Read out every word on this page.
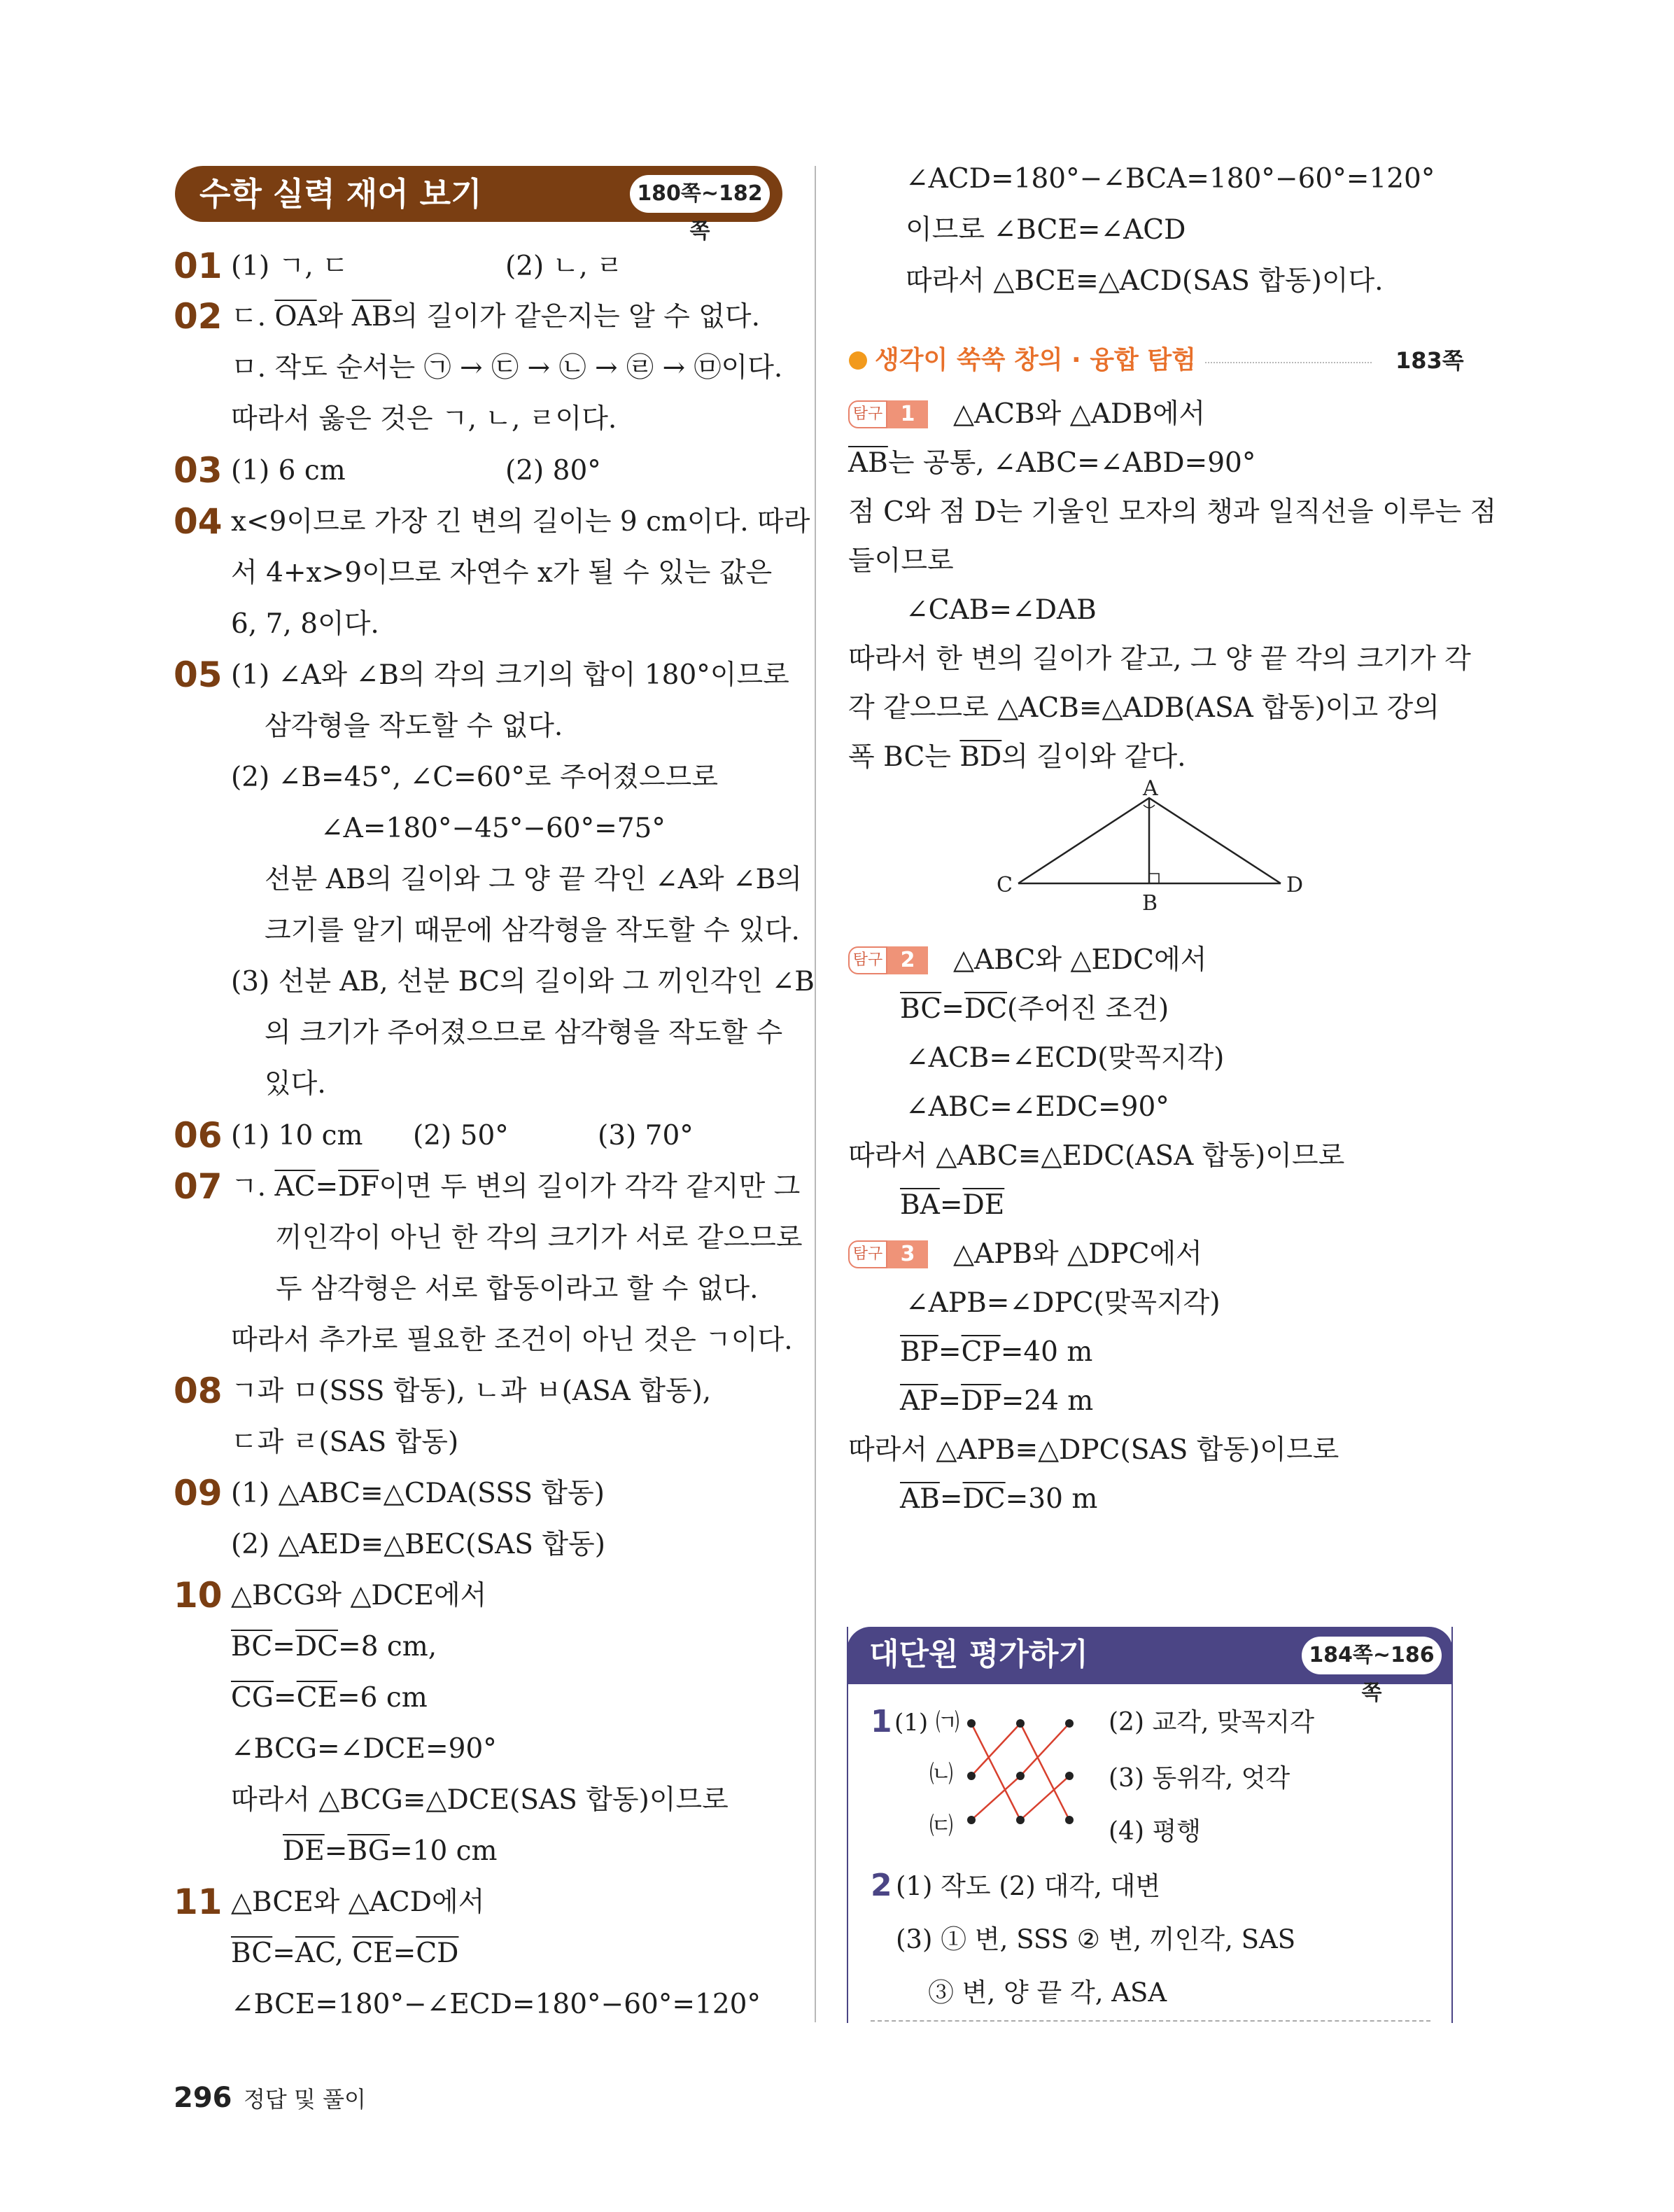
수학 실력 재어 보기	180쪽~182쪽
01 (1) ㄱ, ㄷ	(2) ㄴ, ㄹ
02 ㄷ. $\overline{OA}$와 $\overline{AB}$의 길이가 같은지는 알 수 없다.
ㅁ. 작도 순서는 ㉠ → ㉢ → ㉡ → ㉣ → ㉤이다.
따라서 옳은 것은 ㄱ, ㄴ, ㄹ이다.
03 (1) 6 cm	(2) 80°
04 x<9이므로 가장 긴 변의 길이는 9 cm이다. 따라
서 4+x>9이므로 자연수 x가 될 수 있는 값은
6, 7, 8이다.
05 (1) ∠A와 ∠B의 각의 크기의 합이 180°이므로
삼각형을 작도할 수 없다.
(2) ∠B=45°, ∠C=60°로 주어졌으므로
∠A=180°−45°−60°=75°
선분 AB의 길이와 그 양 끝 각인 ∠A와 ∠B의
크기를 알기 때문에 삼각형을 작도할 수 있다.
(3) 선분 AB, 선분 BC의 길이와 그 끼인각인 ∠B
의 크기가 주어졌으므로 삼각형을 작도할 수
있다.
06 (1) 10 cm (2) 50°	(3) 70°
07 ㄱ. $\overline{AC}=\overline{DF}$이면 두 변의 길이가 각각 같지만 그
끼인각이 아닌 한 각의 크기가 서로 같으므로
두 삼각형은 서로 합동이라고 할 수 없다.
따라서 추가로 필요한 조건이 아닌 것은 ㄱ이다.
08 ㄱ과 ㅁ(SSS 합동), ㄴ과 ㅂ(ASA 합동),
ㄷ과 ㄹ(SAS 합동)
09 (1) △ABC≡△CDA(SSS 합동)
(2) △AED≡△BEC(SAS 합동)
10 △BCG와 △DCE에서
$\overline{BC}=\overline{DC}=8$ cm,
$\overline{CG}=\overline{CE}=6$ cm
∠BCG=∠DCE=90°
따라서 △BCG≡△DCE(SAS 합동)이므로
$\overline{DE}=\overline{BG}=10$ cm
11 △BCE와 △ACD에서
$\overline{BC}=\overline{AC}$, $\overline{CE}=\overline{CD}$
∠BCE=180°−∠ECD=180°−60°=120°
∠ACD=180°−∠BCA=180°−60°=120°
이므로 ∠BCE=∠ACD
따라서 △BCE≡△ACD(SAS 합동)이다.
생각이 쑥쑥 창의 · 융합 탐험	183쪽
탐구 1	△ACB와 △ADB에서
$\overline{AB}$는 공통, ∠ABC=∠ABD=90°
점 C와 점 D는 기울인 모자의 챙과 일직선을 이루는 점
들이므로
∠CAB=∠DAB
따라서 한 변의 길이가 같고, 그 양 끝 각의 크기가 각
각 같으므로 △ACB≡△ADB(ASA 합동)이고 강의
폭 BC는 $\overline{BD}$의 길이와 같다.
A
B
C	D
탐구 2	△ABC와 △EDC에서
$\overline{BC}=\overline{DC}$(주어진 조건)
∠ACB=∠ECD(맞꼭지각)
∠ABC=∠EDC=90°
따라서 △ABC≡△EDC(ASA 합동)이므로
$\overline{BA}=\overline{DE}$
탐구 3	△APB와 △DPC에서
∠APB=∠DPC(맞꼭지각)
$\overline{BP}=\overline{CP}=40$ m
$\overline{AP}=\overline{DP}=24$ m
따라서 △APB≡△DPC(SAS 합동)이므로
$\overline{AB}=\overline{DC}=30$ m
대단원 평가하기	184쪽~186쪽
1 (1) ㈀
㈁
㈂
(2) 교각, 맞꼭지각
(3) 동위각, 엇각
(4) 평행
2 (1) 작도 (2) 대각, 대변
(3) ① 변, SSS ② 변, 끼인각, SAS
③ 변, 양 끝 각, ASA
296 정답 및 풀이
